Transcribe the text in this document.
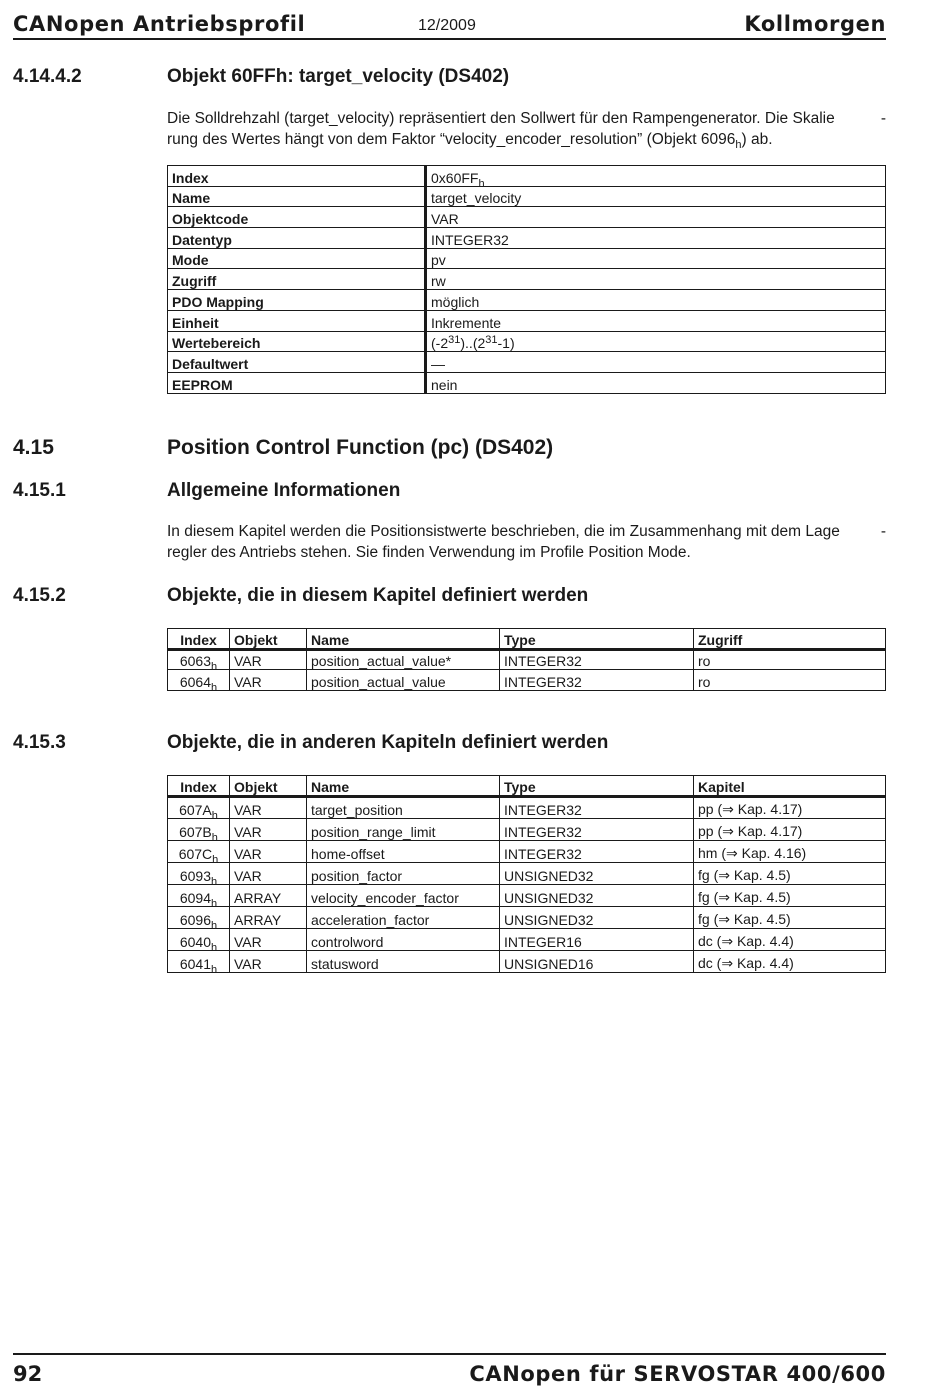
CANopen Antriebsprofil	12/2009	Kollmorgen
4.14.4.2	Objekt 60FFh: target_velocity (DS402)
Die Solldrehzahl (target_velocity) repräsentiert den Sollwert für den Rampengenerator. Die Skalie	-
rung des Wertes hängt von dem Faktor “velocity_encoder_resolution” (Objekt $6096_h$) ab.
Index	$0x60FF_h$
Name	target_velocity
Objektcode	VAR
Datentyp	INTEGER32
Mode	pv
Zugriff	rw
PDO Mapping	möglich
Einheit	Inkremente
Wertebereich	$(-2^{31})..(2^{31}-1)$
Defaultwert	—
EEPROM	nein
4.15	Position Control Function (pc) (DS402)
4.15.1	Allgemeine Informationen
In diesem Kapitel werden die Positionsistwerte beschrieben, die im Zusammenhang mit dem Lage	-
regler des Antriebs stehen. Sie finden Verwendung im Profile Position Mode.
4.15.2	Objekte, die in diesem Kapitel definiert werden
Index	Objekt	Name	Type	Zugriff
$6063_h$	VAR	position_actual_value*	INTEGER32	ro
$6064_h$	VAR	position_actual_value	INTEGER32	ro
4.15.3	Objekte, die in anderen Kapiteln definiert werden
Index	Objekt	Name	Type	Kapitel
$607A_h$	VAR	target_position	INTEGER32	pp (⇒ Kap. 4.17)
$607B_h$	VAR	position_range_limit	INTEGER32	pp (⇒ Kap. 4.17)
$607C_h$	VAR	home-offset	INTEGER32	hm (⇒ Kap. 4.16)
$6093_h$	VAR	position_factor	UNSIGNED32	fg (⇒ Kap. 4.5)
$6094_h$	ARRAY	velocity_encoder_factor	UNSIGNED32	fg (⇒ Kap. 4.5)
$6096_h$	ARRAY	acceleration_factor	UNSIGNED32	fg (⇒ Kap. 4.5)
$6040_h$	VAR	controlword	INTEGER16	dc (⇒ Kap. 4.4)
$6041_h$	VAR	statusword	UNSIGNED16	dc (⇒ Kap. 4.4)
92	CANopen für SERVOSTAR 400/600
